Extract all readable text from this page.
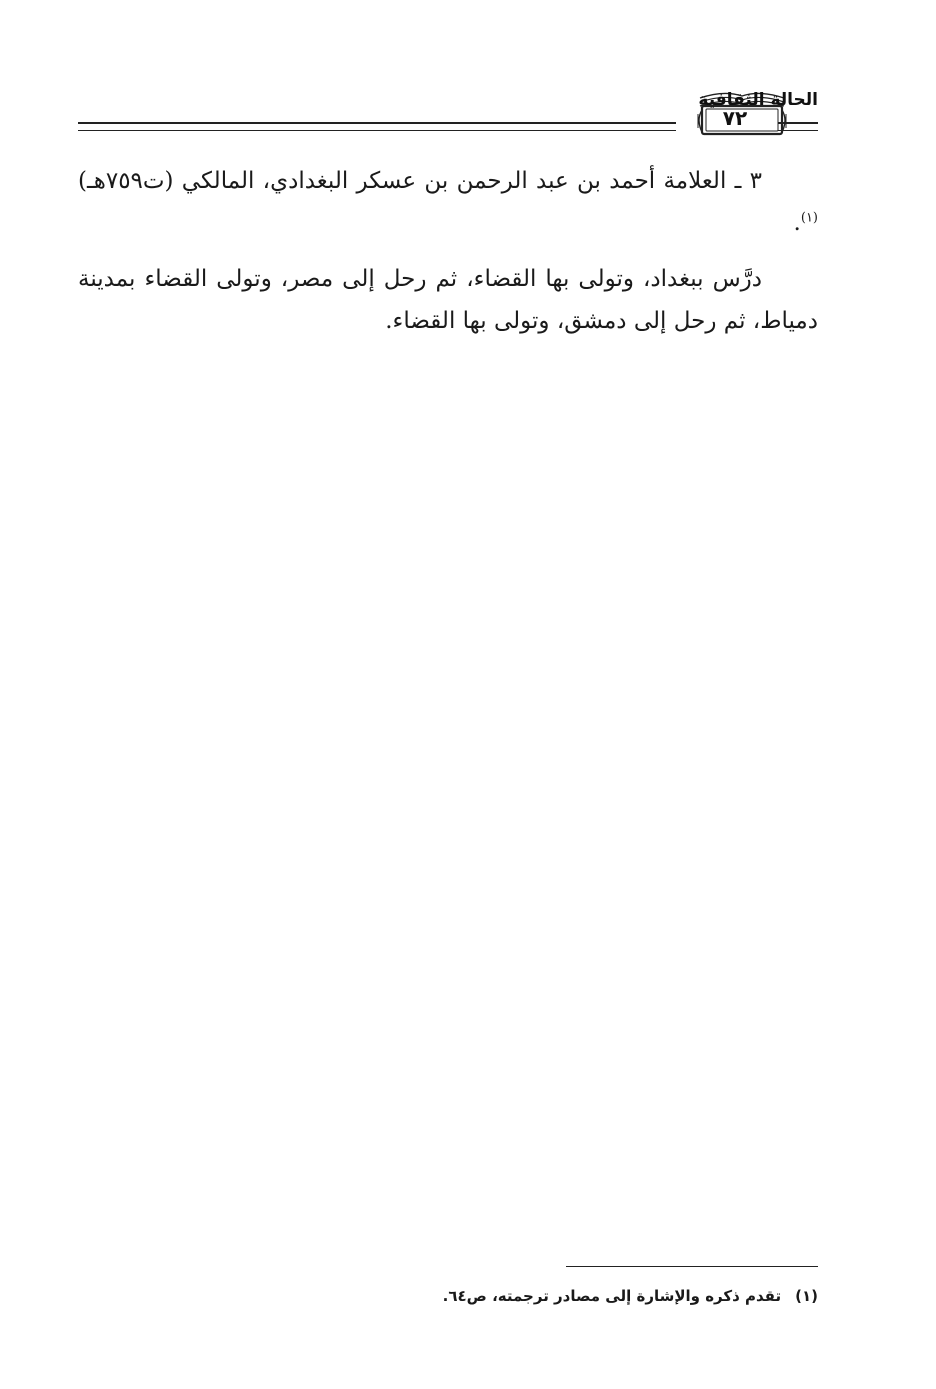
٧٢
الحالة الثقافية

٣ ـ العلامة أحمد بن عبد الرحمن بن عسكر البغدادي، المالكي (ت٧٥٩هـ)$^{(١)}$.

درَّس ببغداد، وتولى بها القضاء، ثم رحل إلى مصر، وتولى القضاء بمدينة دمياط، ثم رحل إلى دمشق، وتولى بها القضاء.

(١)تقدم ذكره والإشارة إلى مصادر ترجمته، ص٦٤.
